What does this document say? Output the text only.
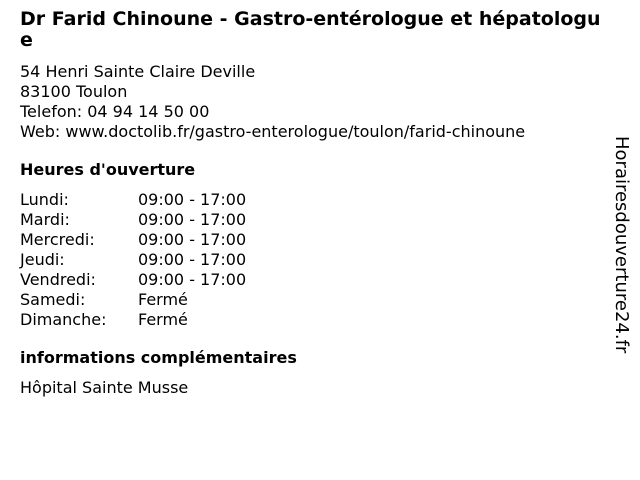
Dr Farid Chinoune - Gastro-entérologue et hépatologue
54 Henri Sainte Claire Deville
83100 Toulon
Telefon: 04 94 14 50 00
Web: www.doctolib.fr/gastro-enterologue/toulon/farid-chinoune
Heures d'ouverture
Lundi:	09:00 - 17:00
Mardi:	09:00 - 17:00
Mercredi:	09:00 - 17:00
Jeudi:	09:00 - 17:00
Vendredi:	09:00 - 17:00
Samedi:	Fermé
Dimanche:	Fermé
informations complémentaires
Hôpital Sainte Musse
Horairesdouverture24.fr
